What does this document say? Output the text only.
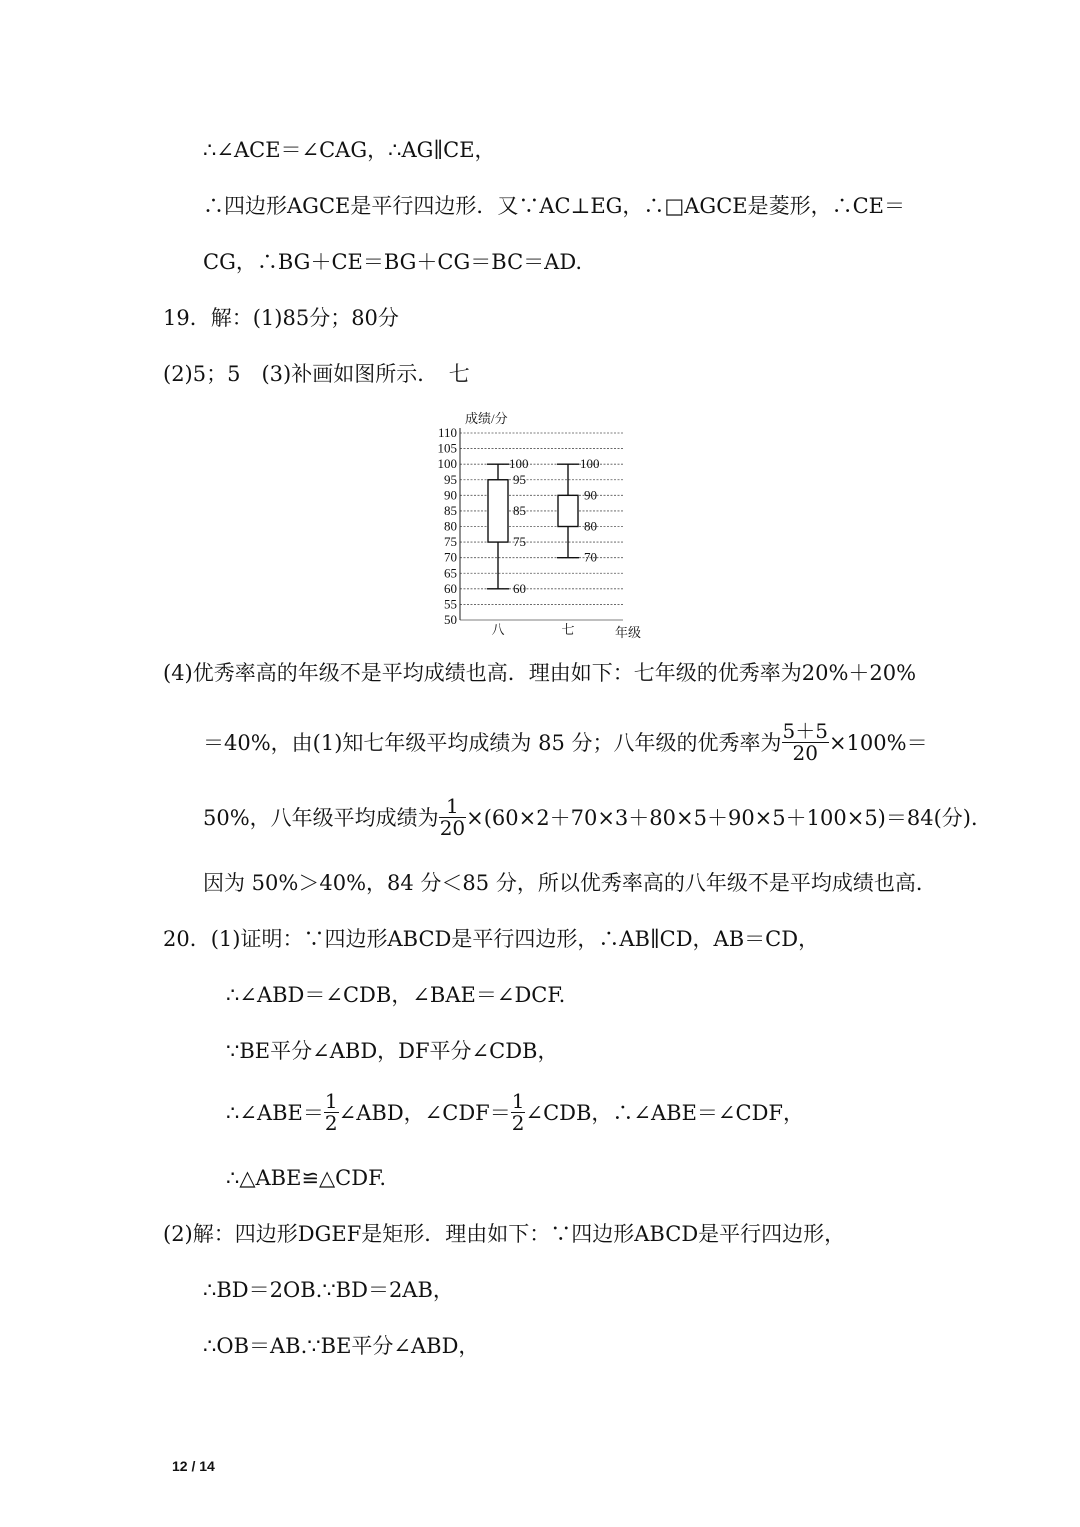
∴∠ACE＝∠CAG，∴AG∥CE，
∴四边形AGCE是平行四边形．又∵AC⊥EG，∴□AGCE是菱形，∴CE＝
CG，∴BG＋CE＝BG＋CG＝BC＝AD.
19．解：(1)85分；80分
(2)5；5　(3)补画如图所示．　七
成绩/分
50
55
60
65
70
75
80
85
90
95
100
105
110
八	七
100
95
85
75
60
100
90
80
70
年级
(4)优秀率高的年级不是平均成绩也高．理由如下：七年级的优秀率为20%＋20%
＝40%，由(1)知七年级平均成绩为 85 分；八年级的优秀率为 $\frac{5+5}{20} \times 100\%=$
50%，八年级平均成绩为 $\frac{1}{20} \times(60\times 2+70\times 3+80\times 5+90\times 5+100\times 5)=84$(分)．
因为 50%＞40%，84 分＜85 分，所以优秀率高的八年级不是平均成绩也高．
20．(1)证明：∵四边形ABCD是平行四边形，∴AB∥CD，AB＝CD，
∴∠ABD＝∠CDB，∠BAE＝∠DCF.
∵BE平分∠ABD，DF平分∠CDB，
∴∠ABE＝ $\frac{1}{2}$ ∠ABD，∠CDF＝ $\frac{1}{2}$ ∠CDB，∴∠ABE＝∠CDF，
∴△ABE≌△CDF.
(2)解：四边形DGEF是矩形．理由如下：∵四边形ABCD是平行四边形，
∴BD＝2OB.∵BD＝2AB，
∴OB＝AB.∵BE平分∠ABD，
12 / 14
